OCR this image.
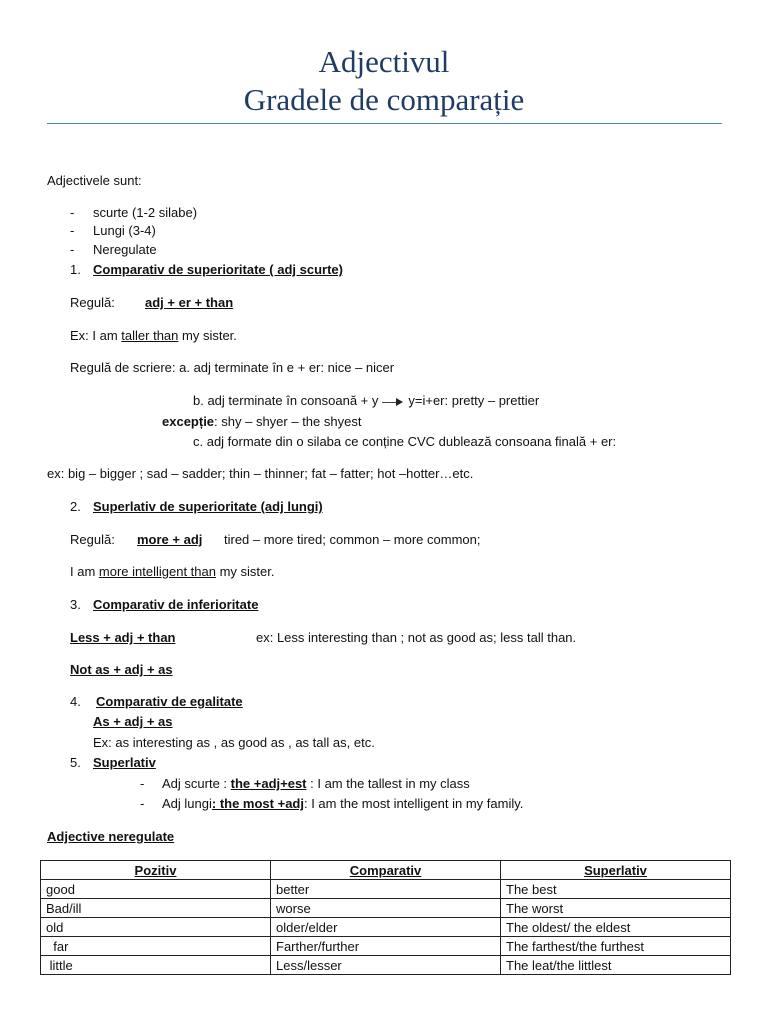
Adjectivul
Gradele de comparație
Adjectivele sunt:
- scurte (1-2 silabe)
- Lungi (3-4)
- Neregulate
1. Comparativ de superioritate ( adj scurte)
Regulă: adj + er + than
Ex: I am taller than my sister.
Regulă de scriere: a. adj terminate în e + er: nice – nicer
b. adj terminate în consoană + y y=i+er: pretty – prettier
excepție: shy – shyer – the shyest
c. adj formate din o silaba ce conține CVC dublează consoana finală + er:
ex: big – bigger ; sad – sadder; thin – thinner; fat – fatter; hot –hotter…etc.
2. Superlativ de superioritate (adj lungi)
Regulă: more + adj tired – more tired; common – more common;
I am more intelligent than my sister.
3. Comparativ de inferioritate
Less + adj + than	ex: Less interesting than ; not as good as; less tall than.
Not as + adj + as
4. Comparativ de egalitate
As + adj + as
Ex: as interesting as , as good as , as tall as, etc.
5. Superlativ
- Adj scurte : the +adj+est : I am the tallest in my class
- Adj lungi: the most +adj: I am the most intelligent in my family.
Adjective neregulate
Pozitiv	Comparativ	Superlativ
good	better	The best
Bad/ill	worse	The worst
old	older/elder	The oldest/ the eldest
far	Farther/further	The farthest/the furthest
little	Less/lesser	The leat/the littlest
